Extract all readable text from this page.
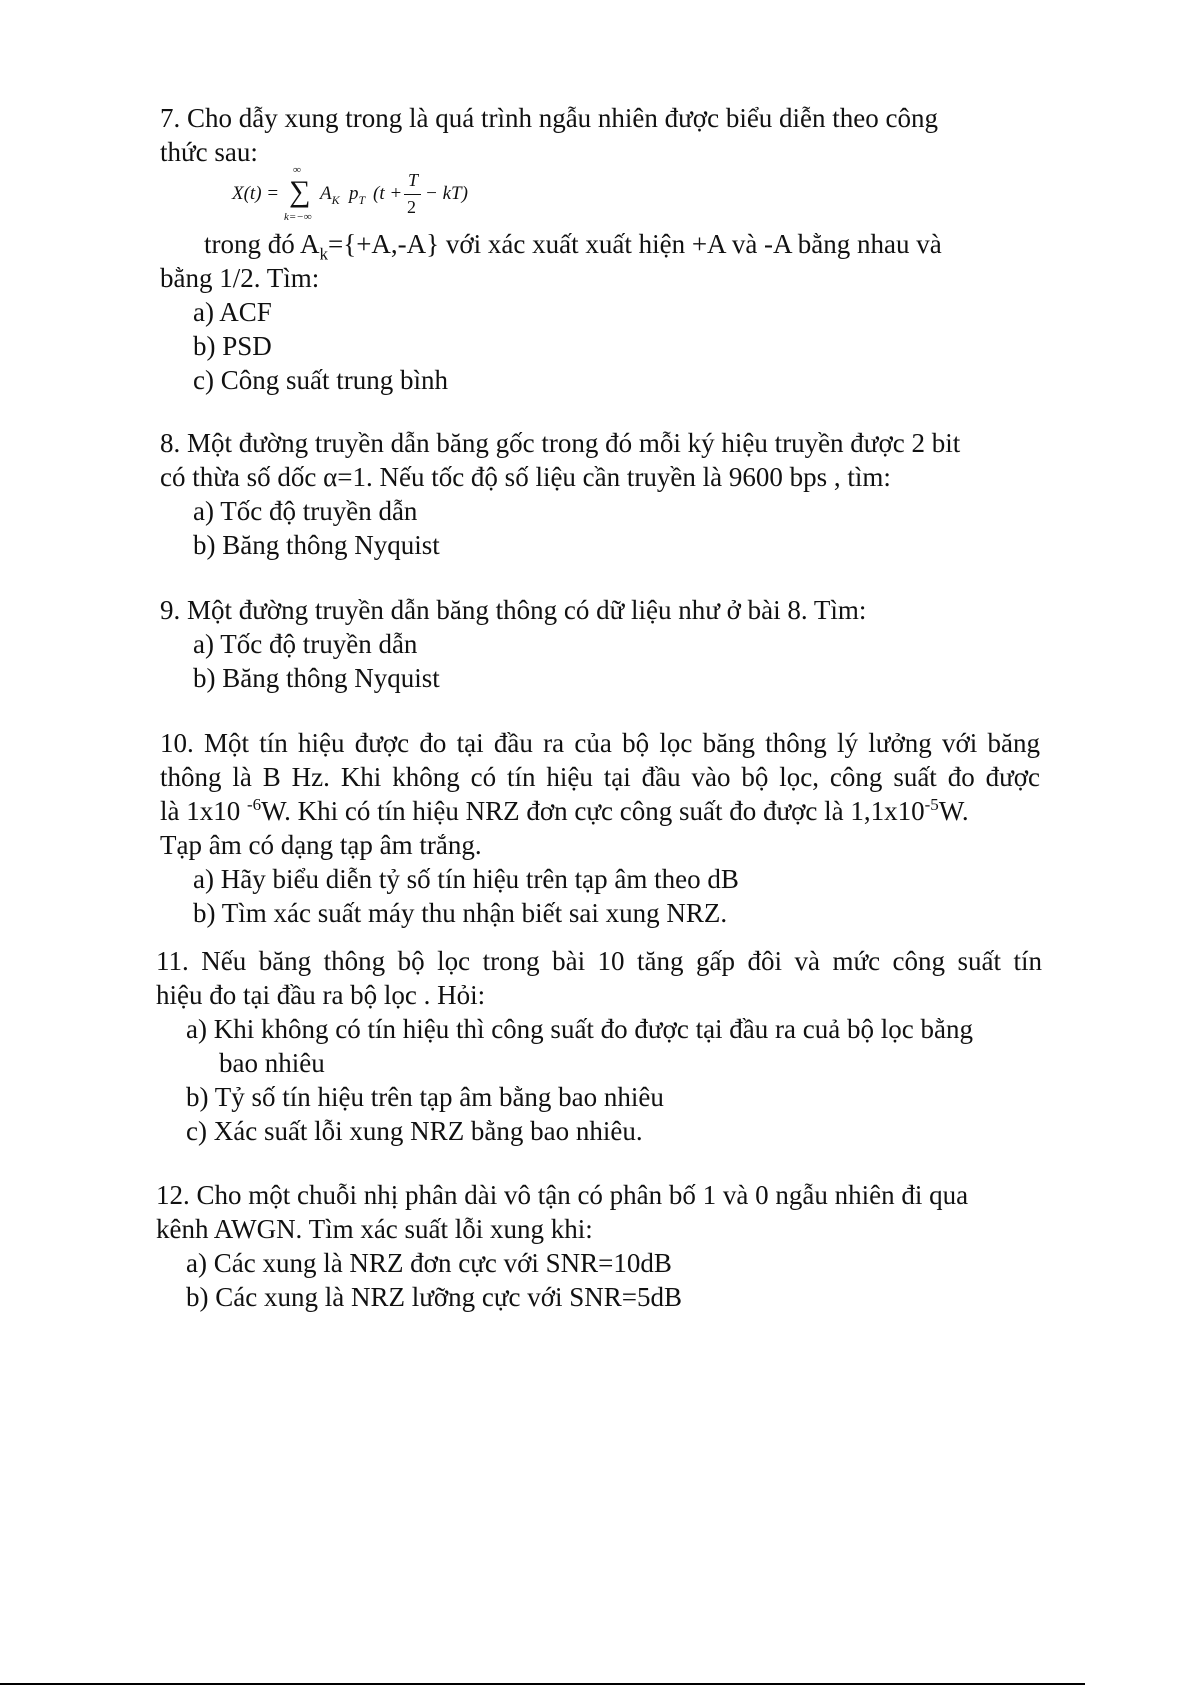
7. Cho dẫy xung trong là quá trình ngẫu nhiên được biểu diễn theo công
thức sau:
X(t) =
∞
∑
k=−∞
$A_K$ $p_T$ (t +
T
2
− kT)
trong đó $A_k=\{+A,-A\}$ với xác xuất xuất hiện +A và -A bằng nhau và
bằng 1/2. Tìm:
a) ACF
b) PSD
c) Công suất trung bình
8. Một đường truyền dẫn băng gốc trong đó mỗi ký hiệu truyền được 2 bit
có thừa số dốc α=1. Nếu tốc độ số liệu cần truyền là 9600 bps , tìm:
a) Tốc độ truyền dẫn
b) Băng thông Nyquist
9. Một đường truyền dẫn băng thông có dữ liệu như ở bài 8. Tìm:
a) Tốc độ truyền dẫn
b) Băng thông Nyquist
10. Một tín hiệu được đo tại đầu ra của bộ lọc băng thông lý lưởng với băng
thông là B Hz. Khi không có tín hiệu tại đầu vào bộ lọc, công suất đo được
là 1x10 $^{-6}$W. Khi có tín hiệu NRZ đơn cực công suất đo được là $1,1x10^{-5}W$.
Tạp âm có dạng tạp âm trắng.
a) Hãy biểu diễn tỷ số tín hiệu trên tạp âm theo dB
b) Tìm xác suất máy thu nhận biết sai xung NRZ.
11. Nếu băng thông bộ lọc trong bài 10 tăng gấp đôi và mức công suất tín
hiệu đo tại đầu ra bộ lọc . Hỏi:
a) Khi không có tín hiệu thì công suất đo được tại đầu ra cuả bộ lọc bằng
bao nhiêu
b) Tỷ số tín hiệu trên tạp âm bằng bao nhiêu
c) Xác suất lỗi xung NRZ bằng bao nhiêu.
12. Cho một chuỗi nhị phân dài vô tận có phân bố 1 và 0 ngẫu nhiên đi qua
kênh AWGN. Tìm xác suất lỗi xung khi:
a) Các xung là NRZ đơn cực với SNR=10dB
b) Các xung là NRZ lưỡng cực với SNR=5dB
